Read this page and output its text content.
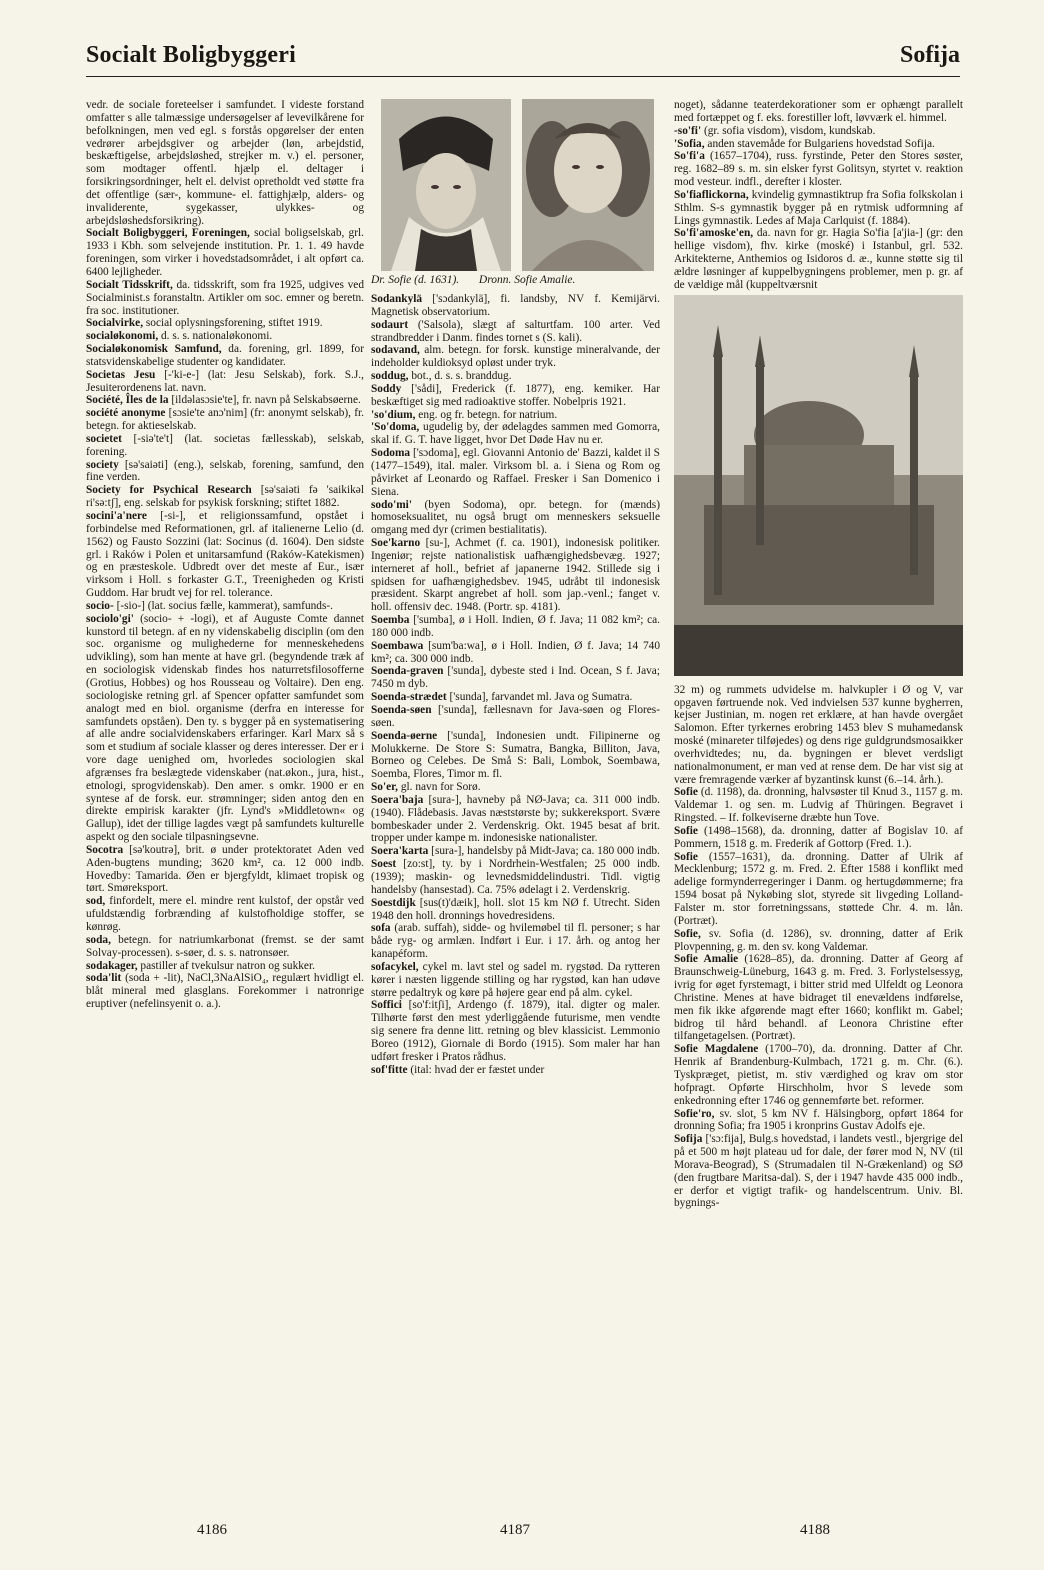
Socialt Boligbyggeri	Sofija

vedr. de sociale foreteelser i samfundet. I videste forstand omfatter s alle talmæssige undersøgelser af levevilkårene for befolkningen, men ved egl. s forstås opgørelser der enten vedrører arbejdsgiver og arbejder (løn, arbejdstid, beskæftigelse, arbejdsløshed, strejker m. v.) el. personer, som modtager offentl. hjælp el. deltager i forsikringsordninger, helt el. delvist opretholdt ved støtte fra det offentlige (sær-, kommune- el. fattighjælp, alders- og invaliderente, sygekasser, ulykkes- og arbejdsløshedsforsikring).

Socialt Boligbyggeri, Foreningen, social boligselskab, grl. 1933 i Kbh. som selvejende institution. Pr. 1. 1. 49 havde foreningen, som virker i hovedstadsområdet, i alt opført ca. 6400 lejligheder.

Socialt Tidsskrift, da. tidsskrift, som fra 1925, udgives ved Socialminist.s foranstaltn. Artikler om soc. emner og beretn. fra soc. institutioner.

Socialvirke, social oplysningsforening, stiftet 1919.

socialøkonomi, d. s. s. nationaløkonomi.

Socialøkonomisk Samfund, da. forening, grl. 1899, for statsvidenskabelige studenter og kandidater.

Societas Jesu [-'ki-e-] (lat: Jesu Selskab), fork. S.J., Jesuiterordenens lat. navn.

Société, Îles de la [ildəlasɔsie'te], fr. navn på Selskabsøerne.

société anonyme [sɔsie'te anɔ'nim] (fr: anonymt selskab), fr. betegn. for aktieselskab.

societet [-siə'te't] (lat. societas fællesskab), selskab, forening.

society [sə'saiəti] (eng.), selskab, forening, samfund, den fine verden.

Society for Psychical Research [sə'saiəti fə 'saikikəl ri'sə:tʃ], eng. selskab for psykisk forskning; stiftet 1882.

socini'a'nere [-si-], et religionssamfund, opstået i forbindelse med Reformationen, grl. af italienerne Lelio (d. 1562) og Fausto Sozzini (lat: Socinus (d. 1604). Den sidste grl. i Raków i Polen et unitarsamfund (Raków-Katekismen) og en præsteskole. Udbredt over det meste af Eur., især virksom i Holl. s forkaster G.T., Treenigheden og Kristi Guddom. Har brudt vej for rel. tolerance.

socio- [-sio-] (lat. socius fælle, kammerat), samfunds-.

sociolo'gi' (socio- + -logi), et af Auguste Comte dannet kunstord til betegn. af en ny videnskabelig disciplin (om den soc. organisme og mulighederne for menneskehedens udvikling), som han mente at have grl. (begyndende træk af en sociologisk videnskab findes hos naturretsfilosofferne (Grotius, Hobbes) og hos Rousseau og Voltaire). Den eng. sociologiske retning grl. af Spencer opfatter samfundet som analogt med en biol. organisme (derfra en interesse for samfundets opståen). Den ty. s bygger på en systematisering af alle andre socialvidenskabers erfaringer. Karl Marx så s som et studium af sociale klasser og deres interesser. Der er i vore dage uenighed om, hvorledes sociologien skal afgrænses fra beslægtede videnskaber (nat.økon., jura, hist., etnologi, sprogvidenskab). Den amer. s omkr. 1900 er en syntese af de forsk. eur. strømninger; siden antog den en direkte empirisk karakter (jfr. Lynd's »Middletown« og Gallup), idet der tillige lagdes vægt på samfundets kulturelle aspekt og den sociale tilpasningsevne.

Socotra [sə'koutrə], brit. ø under protektoratet Aden ved Aden-bugtens munding; 3620 km², ca. 12 000 indb. Hovedby: Tamarida. Øen er bjergfyldt, klimaet tropisk og tørt. Smøreksport.

sod, finfordelt, mere el. mindre rent kulstof, der opstår ved ufuldstændig forbrænding af kulstofholdige stoffer, se kønrøg.

soda, betegn. for natriumkarbonat (fremst. se der samt Solvay-processen). s-søer, d. s. s. natronsøer.

sodakager, pastiller af tvekulsur natron og sukker.

soda'lit (soda + -lit), NaCl,3NaAlSiO₄, regulært hvidligt el. blåt mineral med glasglans. Forekommer i natronrige eruptiver (nefelinsyenit o. a.).

Dr. Sofie (d. 1631). Dronn. Sofie Amalie.

Sodankylä ['sɔdankylä], fi. landsby, NV f. Kemijärvi. Magnetisk observatorium.

sodaurt ('Salsola), slægt af salturtfam. 100 arter. Ved strandbredder i Danm. findes tornet s (S. kali).

sodavand, alm. betegn. for forsk. kunstige mineralvande, der indeholder kuldioksyd opløst under tryk.

soddug, bot., d. s. s. branddug.

Soddy ['sådi], Frederick (f. 1877), eng. kemiker. Har beskæftiget sig med radioaktive stoffer. Nobelpris 1921.

'so'dium, eng. og fr. betegn. for natrium.

'So'doma, ugudelig by, der ødelagdes sammen med Gomorra, skal if. G. T. have ligget, hvor Det Døde Hav nu er.

Sodoma ['sɔdoma], egl. Giovanni Antonio de' Bazzi, kaldet il S (1477–1549), ital. maler. Virksom bl. a. i Siena og Rom og påvirket af Leonardo og Raffael. Fresker i San Domenico i Siena.

sodo'mi' (byen Sodoma), opr. betegn. for (mænds) homoseksualitet, nu også brugt om menneskers seksuelle omgang med dyr (crimen bestialitatis).

Soe'karno [su-], Achmet (f. ca. 1901), indonesisk politiker. Ingeniør; rejste nationalistisk uafhængighedsbevæg. 1927; interneret af holl., befriet af japanerne 1942. Stillede sig i spidsen for uafhængighedsbev. 1945, udråbt til indonesisk præsident. Skarpt angrebet af holl. som jap.-venl.; fanget v. holl. offensiv dec. 1948. (Portr. sp. 4181).

Soemba ['sumba], ø i Holl. Indien, Ø f. Java; 11 082 km²; ca. 180 000 indb.

Soembawa [sum'ba:wa], ø i Holl. Indien, Ø f. Java; 14 740 km²; ca. 300 000 indb.

Soenda-graven ['sunda], dybeste sted i Ind. Ocean, S f. Java; 7450 m dyb.

Soenda-strædet ['sunda], farvandet ml. Java og Sumatra.

Soenda-søen ['sunda], fællesnavn for Java-søen og Flores-søen.

Soenda-øerne ['sunda], Indonesien undt. Filipinerne og Molukkerne. De Store S: Sumatra, Bangka, Billiton, Java, Borneo og Celebes. De Små S: Bali, Lombok, Soembawa, Soemba, Flores, Timor m. fl.

So'er, gl. navn for Sorø.

Soera'baja [sura-], havneby på NØ-Java; ca. 311 000 indb. (1940). Flådebasis. Javas næststørste by; sukkereksport. Svære bombeskader under 2. Verdenskrig. Okt. 1945 besat af brit. tropper under kampe m. indonesiske nationalister.

Soera'karta [sura-], handelsby på Midt-Java; ca. 180 000 indb.

Soest [zo:st], ty. by i Nordrhein-Westfalen; 25 000 indb. (1939); maskin- og levnedsmiddelindustri. Tidl. vigtig handelsby (hansestad). Ca. 75% ødelagt i 2. Verdenskrig.

Soestdijk [sus(t)'dæik], holl. slot 15 km NØ f. Utrecht. Siden 1948 den holl. dronnings hovedresidens.

sofa (arab. suffah), sidde- og hvilemøbel til fl. personer; s har både ryg- og armlæn. Indført i Eur. i 17. årh. og antog her kanapéform.

sofacykel, cykel m. lavt stel og sadel m. rygstød. Da rytteren kører i næsten liggende stilling og har rygstød, kan han udøve større pedaltryk og køre på højere gear end på alm. cykel.

Soffici [so'f:itʃi], Ardengo (f. 1879), ital. digter og maler. Tilhørte først den mest yderliggående futurisme, men vendte sig senere fra denne litt. retning og blev klassicist. Lemmonio Boreo (1912), Giornale di Bordo (1915). Som maler har han udført fresker i Pratos rådhus.

sof'fitte (ital: hvad der er fæstet under

noget), sådanne teaterdekorationer som er ophængt parallelt med fortæppet og f. eks. forestiller loft, løvværk el. himmel.

-so'fi' (gr. sofia visdom), visdom, kundskab.

'Sofia, anden stavemåde for Bulgariens hovedstad Sofija.

So'fi'a (1657–1704), russ. fyrstinde, Peter den Stores søster, reg. 1682–89 s. m. sin elsker fyrst Golitsyn, styrtet v. reaktion mod vesteur. indfl., derefter i kloster.

So'fiaflickorna, kvindelig gymnastiktrup fra Sofia folkskolan i Sthlm. S-s gymnastik bygger på en rytmisk udformning af Lings gymnastik. Ledes af Maja Carlquist (f. 1884).

So'fi'amoske'en, da. navn for gr. Hagia So'fia [a'jia-] (gr: den hellige visdom), fhv. kirke (moské) i Istanbul, grl. 532. Arkitekterne, Anthemios og Isidoros d. æ., kunne støtte sig til ældre løsninger af kuppelbygningens problemer, men p. gr. af de vældige mål (kuppeltværsnit

32 m) og rummets udvidelse m. halvkupler i Ø og V, var opgaven førtruende nok. Ved indvielsen 537 kunne bygherren, kejser Justinian, m. nogen ret erklære, at han havde overgået Salomon. Efter tyrkernes erobring 1453 blev S muhamedansk moské (minareter tilføjedes) og dens rige guldgrundsmosaikker overhvidtedes; nu, da. bygningen er blevet verdsligt nationalmonument, er man ved at rense dem. De har vist sig at være fremragende værker af byzantinsk kunst (6.–14. årh.).

Sofie (d. 1198), da. dronning, halvsøster til Knud 3., 1157 g. m. Valdemar 1. og sen. m. Ludvig af Thüringen. Begravet i Ringsted. – If. folkeviserne dræbte hun Tove.

Sofie (1498–1568), da. dronning, datter af Bogislav 10. af Pommern, 1518 g. m. Frederik af Gottorp (Fred. 1.).

Sofie (1557–1631), da. dronning. Datter af Ulrik af Mecklenburg; 1572 g. m. Fred. 2. Efter 1588 i konflikt med adelige formynderregeringer i Danm. og hertugdømmerne; fra 1594 bosat på Nykøbing slot, styrede sit livgeding Lolland-Falster m. stor forretningssans, støttede Chr. 4. m. lån. (Portræt).

Sofie, sv. Sofia (d. 1286), sv. dronning, datter af Erik Plovpenning, g. m. den sv. kong Valdemar.

Sofie Amalie (1628–85), da. dronning. Datter af Georg af Braunschweig-Lüneburg, 1643 g. m. Fred. 3. Forlystelsessyg, ivrig for øget fyrstemagt, i bitter strid med Ulfeldt og Leonora Christine. Menes at have bidraget til enevældens indførelse, men fik ikke afgørende magt efter 1660; konflikt m. Gabel; bidrog til hård behandl. af Leonora Christine efter tilfangetagelsen. (Portræt).

Sofie Magdalene (1700–70), da. dronning. Datter af Chr. Henrik af Brandenburg-Kulmbach, 1721 g. m. Chr. (6.). Tyskpræget, pietist, m. stiv værdighed og krav om stor hofpragt. Opførte Hirschholm, hvor S levede som enkedronning efter 1746 og gennemførte bet. reformer.

Sofie'ro, sv. slot, 5 km NV f. Hälsingborg, opført 1864 for dronning Sofia; fra 1905 i kronprins Gustav Adolfs eje.

Sofija ['sɔ:fija], Bulg.s hovedstad, i landets vestl., bjergrige del på et 500 m højt plateau ud for dale, der fører mod N, NV (til Morava-Beograd), S (Strumadalen til N-Grækenland) og SØ (den frugtbare Maritsa-dal). S, der i 1947 havde 435 000 indb., er derfor et vigtigt trafik- og handelscentrum. Univ. Bl. bygnings-

4186	4187	4188
